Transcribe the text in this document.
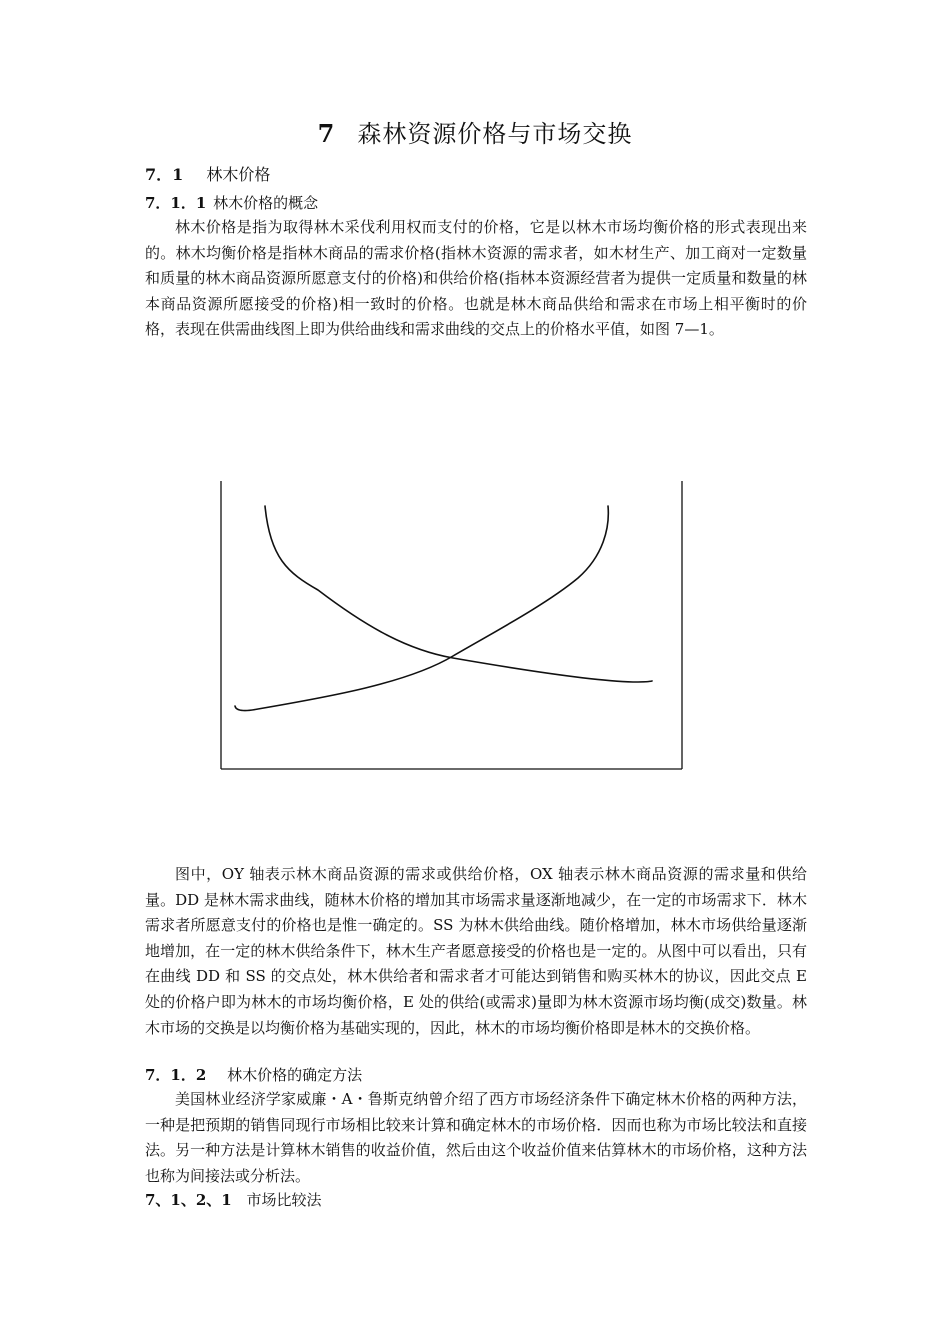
7 森林资源价格与市场交换
7．1 林木价格
7．1．1 林木价格的概念

林木价格是指为取得林木采伐利用权而支付的价格，它是以林木市场均衡价格的形式表现出来的。林木均衡价格是指林木商品的需求价格(指林木资源的需求者，如木材生产、加工商对一定数量和质量的林木商品资源所愿意支付的价格)和供给价格(指林本资源经营者为提供一定质量和数量的林本商品资源所愿接受的价格)相一致时的价格。也就是林木商品供给和需求在市场上相平衡时的价格，表现在供需曲线图上即为供给曲线和需求曲线的交点上的价格水平值，如图 7—1。

图中，OY 轴表示林木商品资源的需求或供给价格，OX 轴表示林木商品资源的需求量和供给量。DD 是林木需求曲线，随林木价格的增加其市场需求量逐渐地减少，在一定的市场需求下．林木需求者所愿意支付的价格也是惟一确定的。SS 为林木供给曲线。随价格增加，林木市场供给量逐渐地增加，在一定的林木供给条件下，林木生产者愿意接受的价格也是一定的。从图中可以看出，只有在曲线 DD 和 SS 的交点处，林木供给者和需求者才可能达到销售和购买林木的协议，因此交点 E 处的价格户即为林木的市场均衡价格，E 处的供给(或需求)量即为林木资源市场均衡(成交)数量。林木市场的交换是以均衡价格为基础实现的，因此，林木的市场均衡价格即是林木的交换价格。

7．1．2 林木价格的确定方法

美国林业经济学家威廉・A・鲁斯克纳曾介绍了西方市场经济条件下确定林木价格的两种方法，一种是把预期的销售同现行市场相比较来计算和确定林木的市场价格．因而也称为市场比较法和直接法。另一种方法是计算林木销售的收益价值，然后由这个收益价值来估算林木的市场价格，这种方法也称为间接法或分析法。

7、1、2、1 市场比较法
